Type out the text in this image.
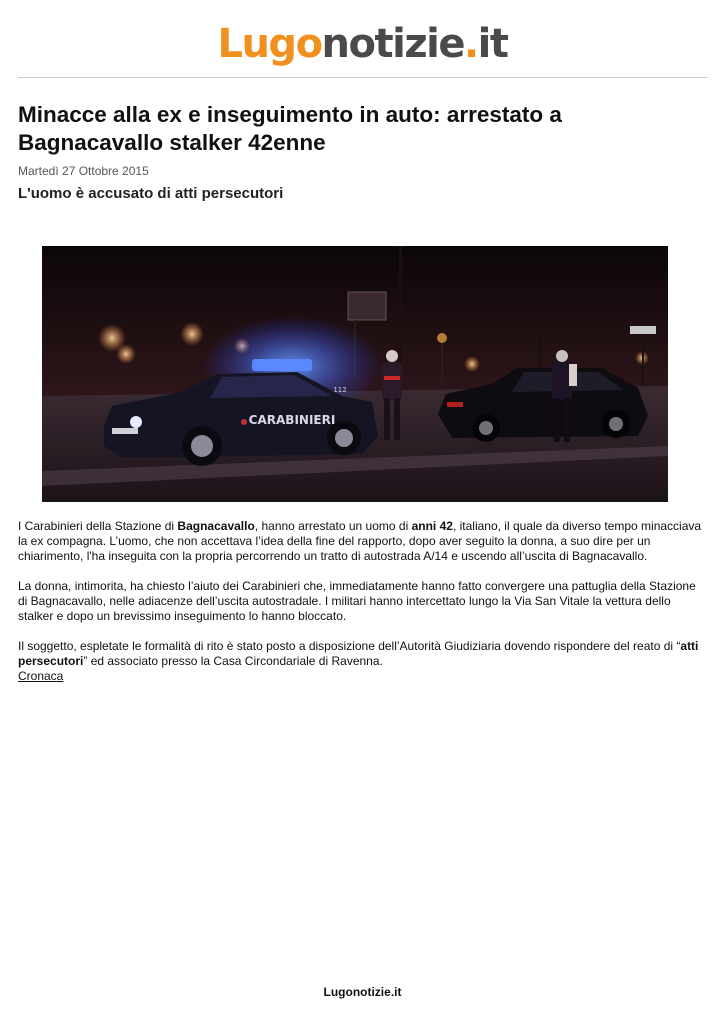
Lugonotizie.it
Minacce alla ex e inseguimento in auto: arrestato a Bagnacavallo stalker 42enne
Martedì 27 Ottobre 2015
L'uomo è accusato di atti persecutori
CARABINIERI
112

I Carabinieri della Stazione di Bagnacavallo, hanno arrestato un uomo di anni 42, italiano, il quale da diverso tempo minacciava la ex compagna. L’uomo, che non accettava l’idea della fine del rapporto, dopo aver seguito la donna, a suo dire per un chiarimento, l'ha inseguita con la propria percorrendo un tratto di autostrada A/14 e uscendo all’uscita di Bagnacavallo.

La donna, intimorita, ha chiesto l’aiuto dei Carabinieri che, immediatamente hanno fatto convergere una pattuglia della Stazione di Bagnacavallo, nelle adiacenze dell’uscita autostradale. I militari hanno intercettato lungo la Via San Vitale la vettura dello stalker e dopo un brevissimo inseguimento lo hanno bloccato.

Il soggetto, espletate le formalità di rito è stato posto a disposizione dell’Autorità Giudiziaria dovendo rispondere del reato di “atti persecutori” ed associato presso la Casa Circondariale di Ravenna.

Cronaca
Lugonotizie.it
